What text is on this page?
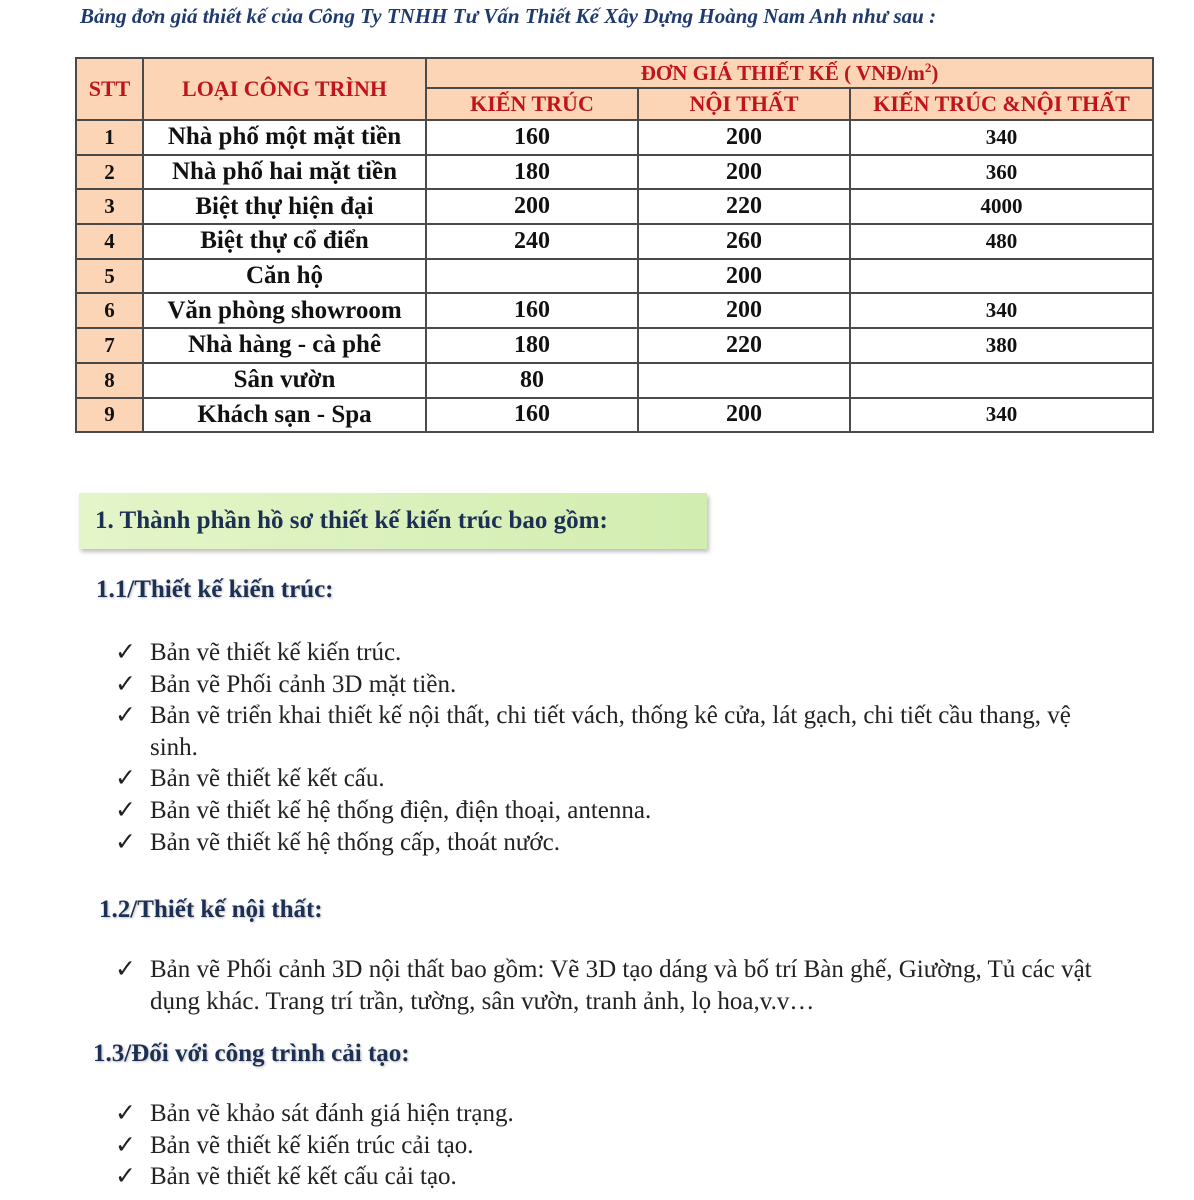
Bảng đơn giá thiết kế của Công Ty TNHH Tư Vấn Thiết Kế Xây Dựng Hoàng Nam Anh như sau :
STT	LOẠI CÔNG TRÌNH	ĐƠN GIÁ THIẾT KẾ ( VNĐ/$m^2$)		
		KIẾN TRÚC	NỘI THẤT	KIẾN TRÚC &NỘI THẤT
1	Nhà phố một mặt tiền	160	200	340
2	Nhà phố hai mặt tiền	180	200	360
3	Biệt thự hiện đại	200	220	4000
4	Biệt thự cổ điển	240	260	480
5	Căn hộ		200	
6	Văn phòng showroom	160	200	340
7	Nhà hàng - cà phê	180	220	380
8	Sân vườn	80		
9	Khách sạn - Spa	160	200	340
1. Thành phần hồ sơ thiết kế kiến trúc bao gồm:
1.1/Thiết kế kiến trúc:
✓ Bản vẽ thiết kế kiến trúc.
✓ Bản vẽ Phối cảnh 3D mặt tiền.
✓ Bản vẽ triển khai thiết kế nội thất, chi tiết vách, thống kê cửa, lát gạch, chi tiết cầu thang, vệ sinh.
✓ Bản vẽ thiết kế kết cấu.
✓ Bản vẽ thiết kế hệ thống điện, điện thoại, antenna.
✓ Bản vẽ thiết kế hệ thống cấp, thoát nước.
1.2/Thiết kế nội thất:
✓ Bản vẽ Phối cảnh 3D nội thất bao gồm: Vẽ 3D tạo dáng và bố trí Bàn ghế, Giường, Tủ các vật dụng khác. Trang trí trần, tường, sân vườn, tranh ảnh, lọ hoa,v.v…
1.3/Đối với công trình cải tạo:
✓ Bản vẽ khảo sát đánh giá hiện trạng.
✓ Bản vẽ thiết kế kiến trúc cải tạo.
✓ Bản vẽ thiết kế kết cấu cải tạo.
